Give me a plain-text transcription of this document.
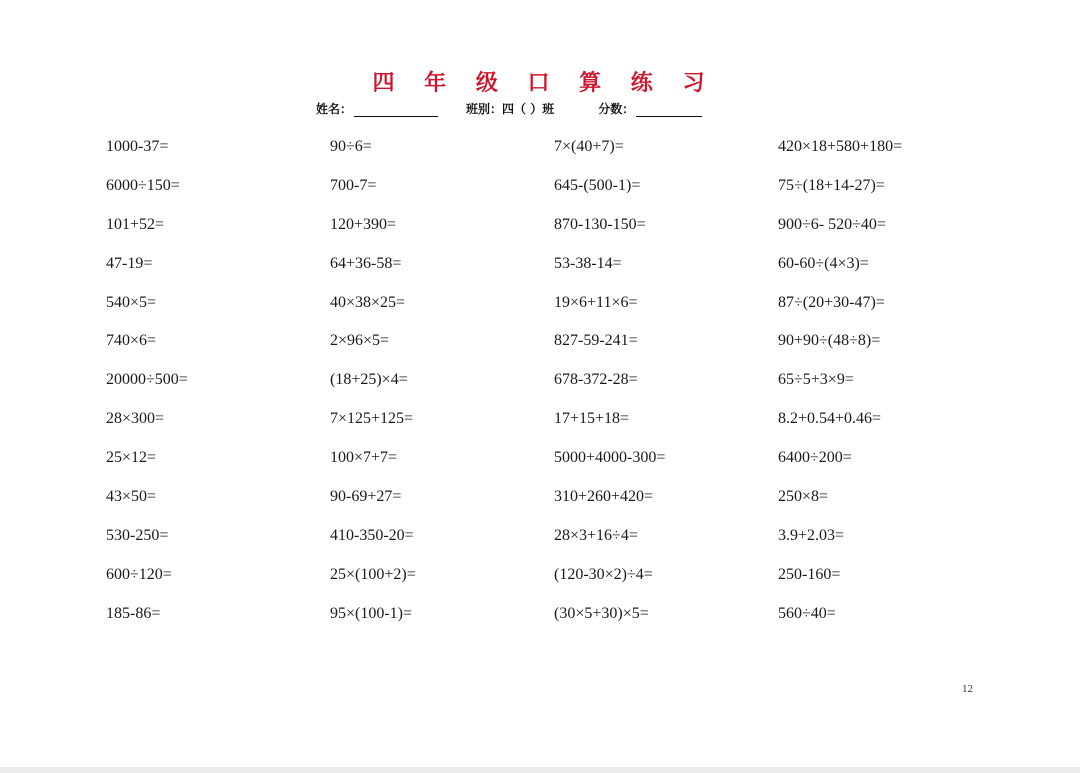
四 年 级 口 算 练 习
姓名：	班别：四（ ）班	分数：
1000-37=	90÷6=	7×(40+7)=	420×18+580+180=
6000÷150=	700-7=	645-(500-1)=	75÷(18+14-27)=
101+52=	120+390=	870-130-150=	900÷6- 520÷40=
47-19=	64+36-58=	53-38-14=	60-60÷(4×3)=
540×5=	40×38×25=	19×6+11×6=	87÷(20+30-47)=
740×6=	2×96×5=	827-59-241=	90+90÷(48÷8)=
20000÷500=	(18+25)×4=	678-372-28=	65÷5+3×9=
28×300=	7×125+125=	17+15+18=	8.2+0.54+0.46=
25×12=	100×7+7=	5000+4000-300=	6400÷200=
43×50=	90-69+27=	310+260+420=	250×8=
530-250=	410-350-20=	28×3+16÷4=	3.9+2.03=
600÷120=	25×(100+2)=	(120-30×2)÷4=	250-160=
185-86=	95×(100-1)=	(30×5+30)×5=	560÷40=
12
